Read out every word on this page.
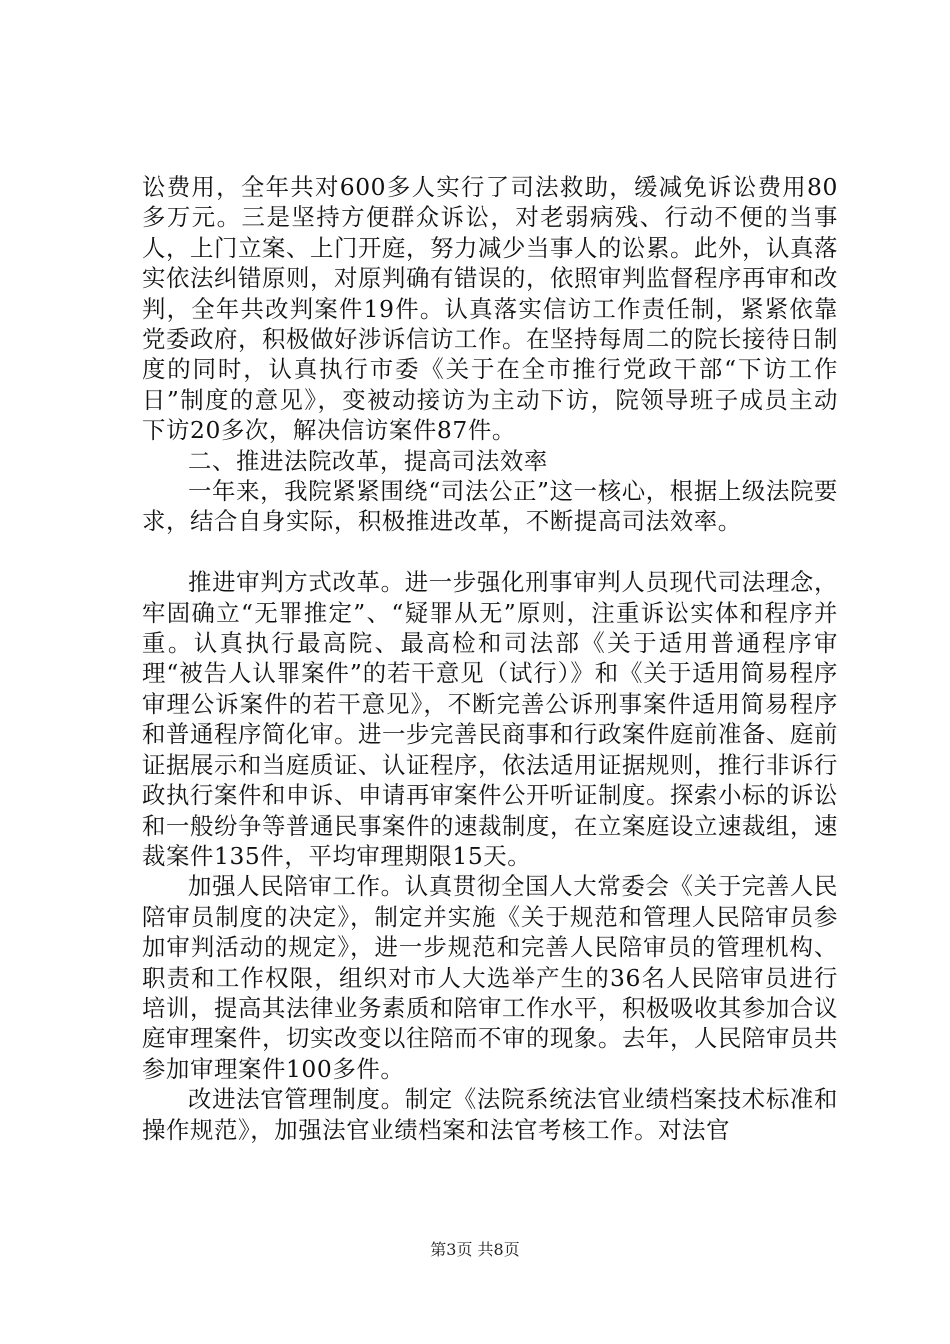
讼费用，全年共对600多人实行了司法救助，缓减免诉讼费用80多万元。三是坚持方便群众诉讼，对老弱病残、行动不便的当事人，上门立案、上门开庭，努力减少当事人的讼累。此外，认真落实依法纠错原则，对原判确有错误的，依照审判监督程序再审和改判，全年共改判案件19件。认真落实信访工作责任制，紧紧依靠党委政府，积极做好涉诉信访工作。在坚持每周二的院长接待日制度的同时，认真执行市委《关于在全市推行党政干部“下访工作日”制度的意见》，变被动接访为主动下访，院领导班子成员主动下访20多次，解决信访案件87件。

二、推进法院改革，提高司法效率

一年来，我院紧紧围绕“司法公正”这一核心，根据上级法院要求，结合自身实际，积极推进改革，不断提高司法效率。

推进审判方式改革。进一步强化刑事审判人员现代司法理念，牢固确立“无罪推定”、“疑罪从无”原则，注重诉讼实体和程序并重。认真执行最高院、最高检和司法部《关于适用普通程序审理“被告人认罪案件”的若干意见（试行）》和《关于适用简易程序审理公诉案件的若干意见》，不断完善公诉刑事案件适用简易程序和普通程序简化审。进一步完善民商事和行政案件庭前准备、庭前证据展示和当庭质证、认证程序，依法适用证据规则，推行非诉行政执行案件和申诉、申请再审案件公开听证制度。探索小标的诉讼和一般纷争等普通民事案件的速裁制度，在立案庭设立速裁组，速裁案件135件，平均审理期限15天。

加强人民陪审工作。认真贯彻全国人大常委会《关于完善人民陪审员制度的决定》，制定并实施《关于规范和管理人民陪审员参加审判活动的规定》，进一步规范和完善人民陪审员的管理机构、职责和工作权限，组织对市人大选举产生的36名人民陪审员进行培训，提高其法律业务素质和陪审工作水平，积极吸收其参加合议庭审理案件，切实改变以往陪而不审的现象。去年，人民陪审员共参加审理案件100多件。

改进法官管理制度。制定《法院系统法官业绩档案技术标准和操作规范》，加强法官业绩档案和法官考核工作。对法官

第3页 共8页
